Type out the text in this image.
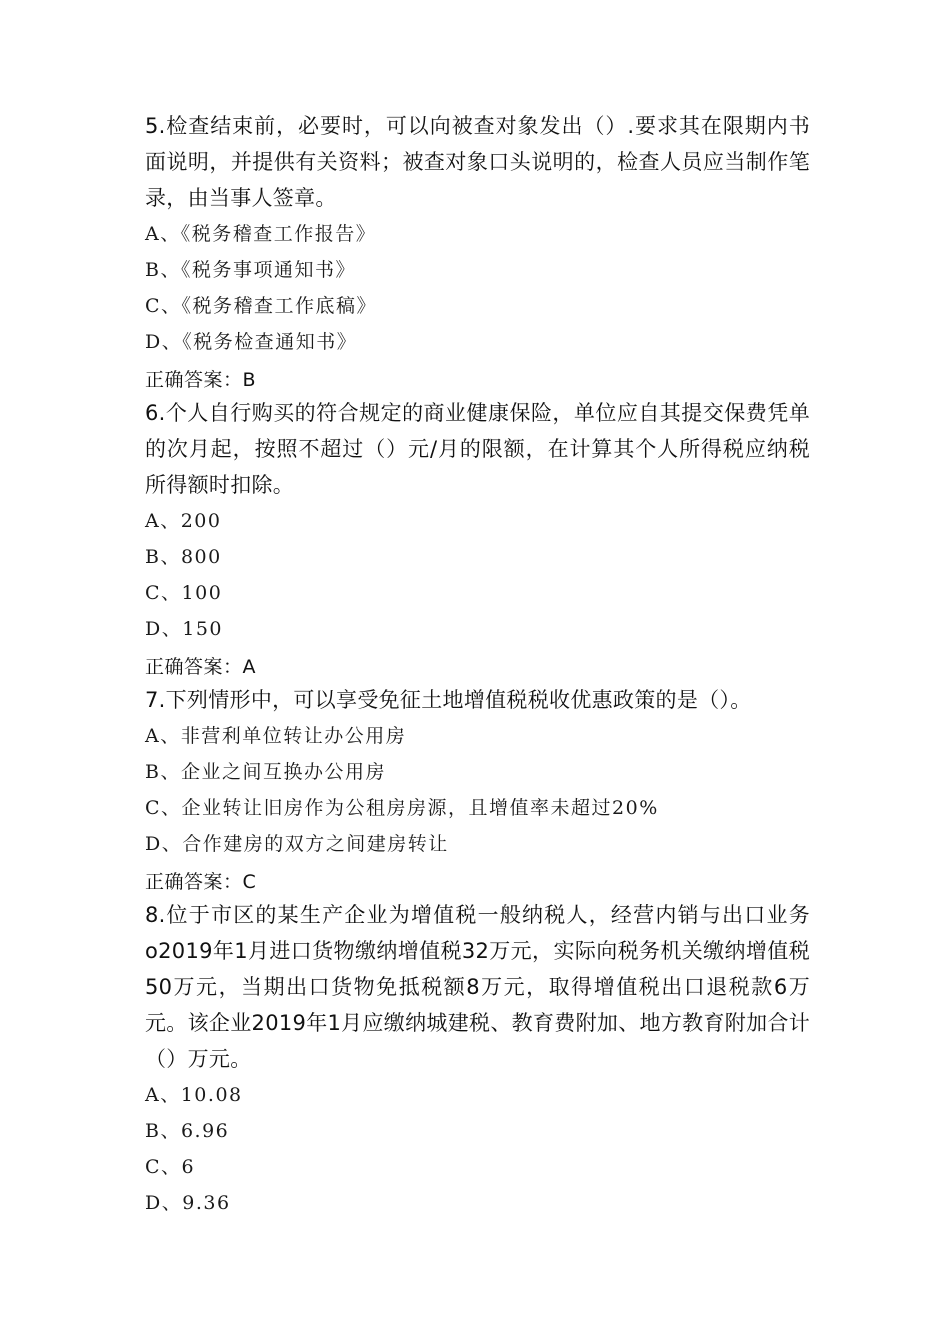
5.检查结束前，必要时，可以向被查对象发出（）.要求其在限期内书面说明，并提供有关资料；被查对象口头说明的，检查人员应当制作笔录，由当事人签章。

A、《税务稽查工作报告》

B、《税务事项通知书》

C、《税务稽查工作底稿》

D、《税务检查通知书》

正确答案：B

6.个人自行购买的符合规定的商业健康保险，单位应自其提交保费凭单的次月起，按照不超过（）元/月的限额，在计算其个人所得税应纳税所得额时扣除。

A、200

B、800

C、100

D、150

正确答案：A

7.下列情形中，可以享受免征土地增值税税收优惠政策的是（）。

A、非营利单位转让办公用房

B、企业之间互换办公用房

C、企业转让旧房作为公租房房源，且增值率未超过20%

D、合作建房的双方之间建房转让

正确答案：C

8.位于市区的某生产企业为增值税一般纳税人，经营内销与出口业务o2019年1月进口货物缴纳增值税32万元，实际向税务机关缴纳增值税50万元，当期出口货物免抵税额8万元，取得增值税出口退税款6万元。该企业2019年1月应缴纳城建税、教育费附加、地方教育附加合计（）万元。

A、10.08

B、6.96

C、6

D、9.36
